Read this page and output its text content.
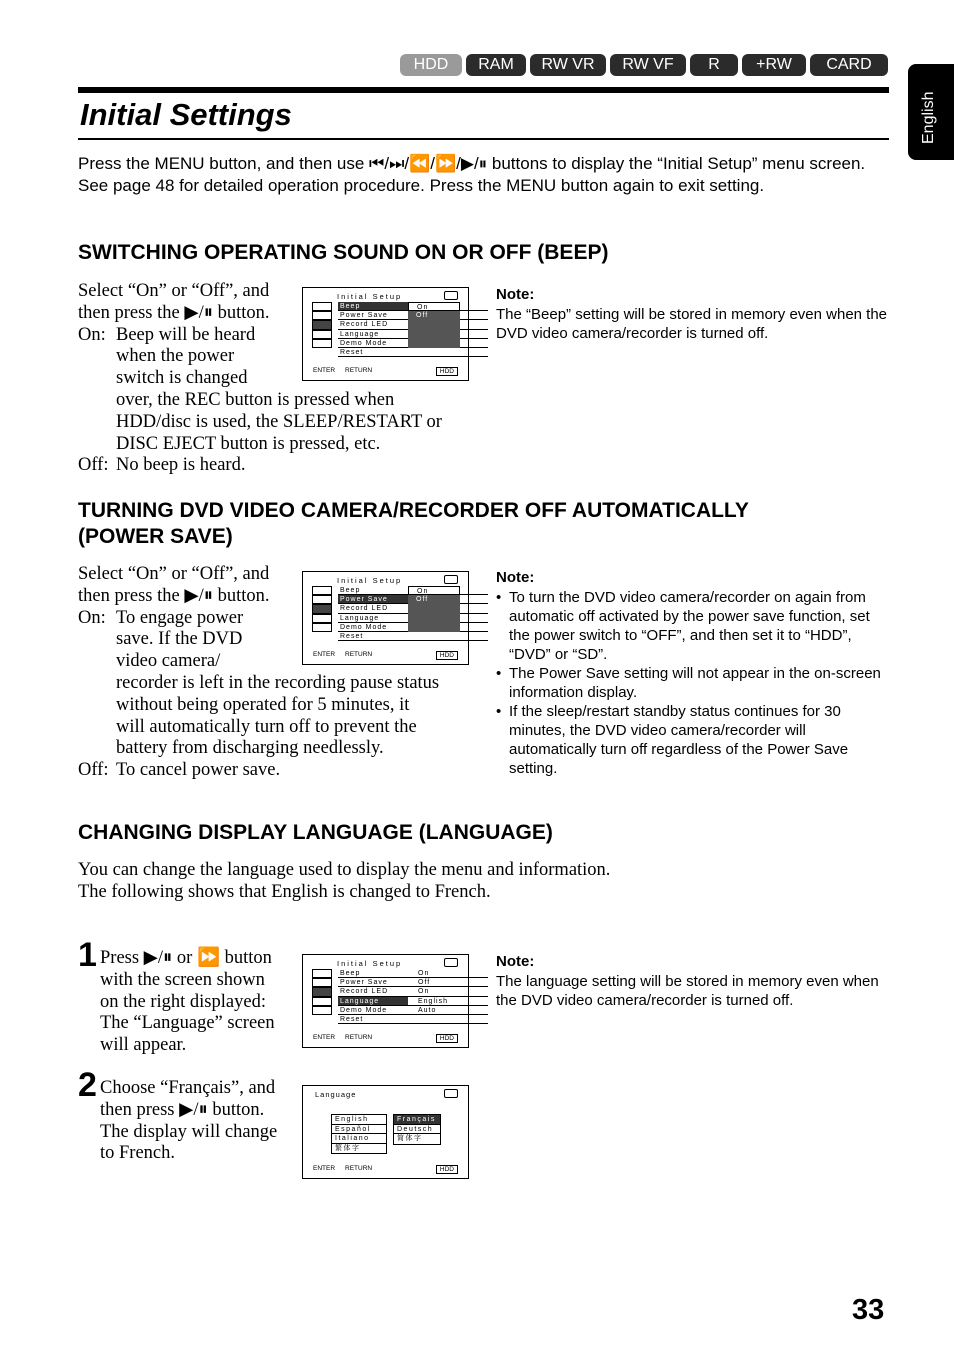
HDD	RAM	RW VR	RW VF	R	+RW	CARD
English
Initial Settings
Press the MENU button, and then use ⏮/⏭/⏪/⏩/▶/⏸ buttons to display the “Initial Setup” menu screen. See page 48 for detailed operation procedure. Press the MENU button again to exit setting.
SWITCHING OPERATING SOUND ON OR OFF (BEEP)
Select “On” or “Off”, and
then press the ▶/⏸ button.
On: Beep will be heard
when the power
switch is changed
over, the REC button is pressed when
HDD/disc is used, the SLEEP/RESTART or
DISC EJECT button is pressed, etc.
Off: No beep is heard.
Initial Setup
Beep
Power Save
Record LED
Language
Demo Mode
Reset
On
Off
ENTER RETURN	HDD
Note:
The “Beep” setting will be stored in memory even when the DVD video camera/recorder is turned off.
TURNING DVD VIDEO CAMERA/RECORDER OFF AUTOMATICALLY
(POWER SAVE)
Select “On” or “Off”, and
then press the ▶/⏸ button.
On: To engage power
save. If the DVD
video camera/
recorder is left in the recording pause status
without being operated for 5 minutes, it
will automatically turn off to prevent the
battery from discharging needlessly.
Off: To cancel power save.
Initial Setup
Beep
Power Save
Record LED
Language
Demo Mode
Reset
On
Off
ENTER RETURN	HDD
Note:
• To turn the DVD video camera/recorder on again from automatic off activated by the power save function, set the power switch to “OFF”, and then set it to “HDD”, “DVD” or “SD”.
• The Power Save setting will not appear in the on-screen information display.
• If the sleep/restart standby status continues for 30 minutes, the DVD video camera/recorder will automatically turn off regardless of the Power Save setting.
CHANGING DISPLAY LANGUAGE (LANGUAGE)
You can change the language used to display the menu and information.
The following shows that English is changed to French.
1 Press ▶/⏸ or ⏩ button
with the screen shown
on the right displayed:
The “Language” screen
will appear.
Initial Setup
Beep	On
Power Save	Off
Record LED	On
Language	English
Demo Mode	Auto
Reset
ENTER RETURN	HDD
Note:
The language setting will be stored in memory even when the DVD video camera/recorder is turned off.
2 Choose “Français”, and
then press ▶/⏸ button.
The display will change
to French.
Language
English
Español
Italiano
繁体字
Français
Deutsch
简体字
ENTER RETURN	HDD
33
